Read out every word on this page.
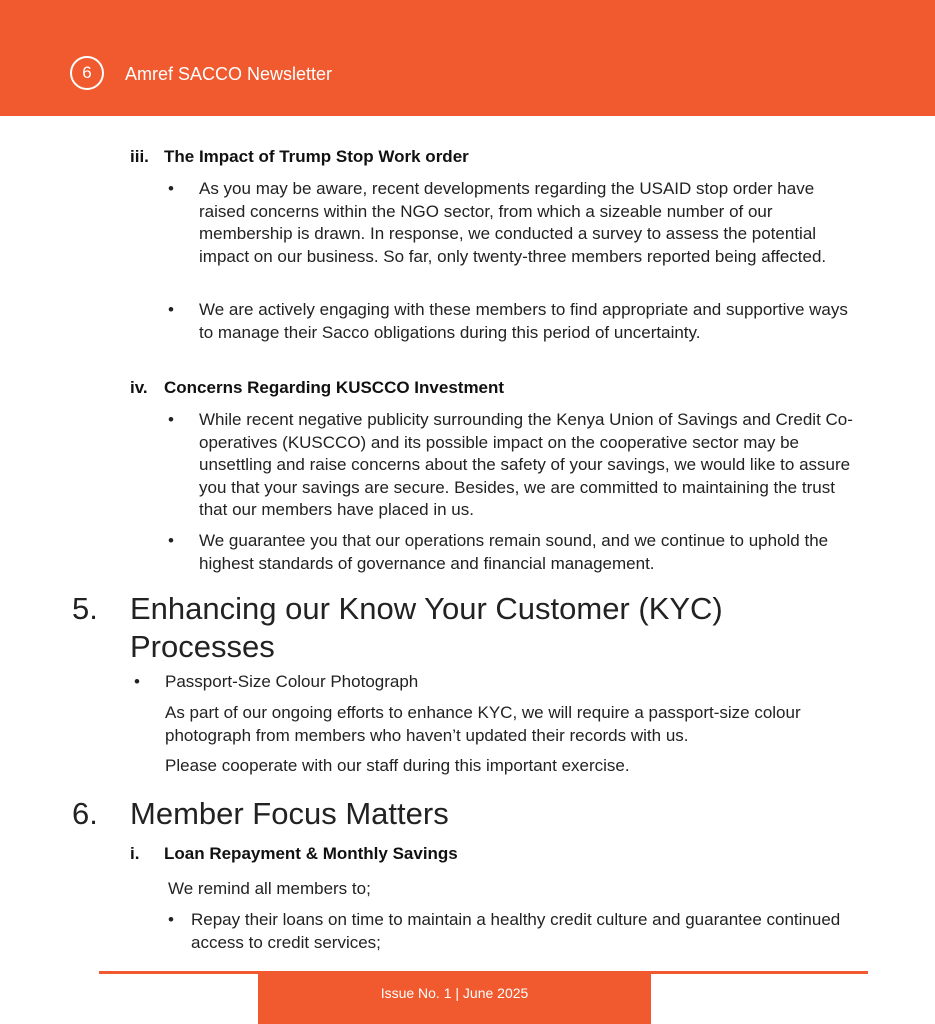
6	Amref SACCO Newsletter
iii. The Impact of Trump Stop Work order
• As you may be aware, recent developments regarding the USAID stop order have raised concerns within the NGO sector, from which a sizeable number of our membership is drawn. In response, we conducted a survey to assess the potential impact on our business. So far, only twenty-three members reported being affected.
• We are actively engaging with these members to find appropriate and supportive ways to manage their Sacco obligations during this period of uncertainty.
iv. Concerns Regarding KUSCCO Investment
• While recent negative publicity surrounding the Kenya Union of Savings and Credit Co-operatives (KUSCCO) and its possible impact on the cooperative sector may be unsettling and raise concerns about the safety of your savings, we would like to assure you that your savings are secure. Besides, we are committed to maintaining the trust that our members have placed in us.
• We guarantee you that our operations remain sound, and we continue to uphold the highest standards of governance and financial management.
5. Enhancing our Know Your Customer (KYC) Processes
• Passport-Size Colour Photograph
As part of our ongoing efforts to enhance KYC, we will require a passport-size colour photograph from members who haven’t updated their records with us.
Please cooperate with our staff during this important exercise.
6. Member Focus Matters
i. Loan Repayment & Monthly Savings
We remind all members to;
• Repay their loans on time to maintain a healthy credit culture and guarantee continued access to credit services;
Issue No. 1 | June 2025
